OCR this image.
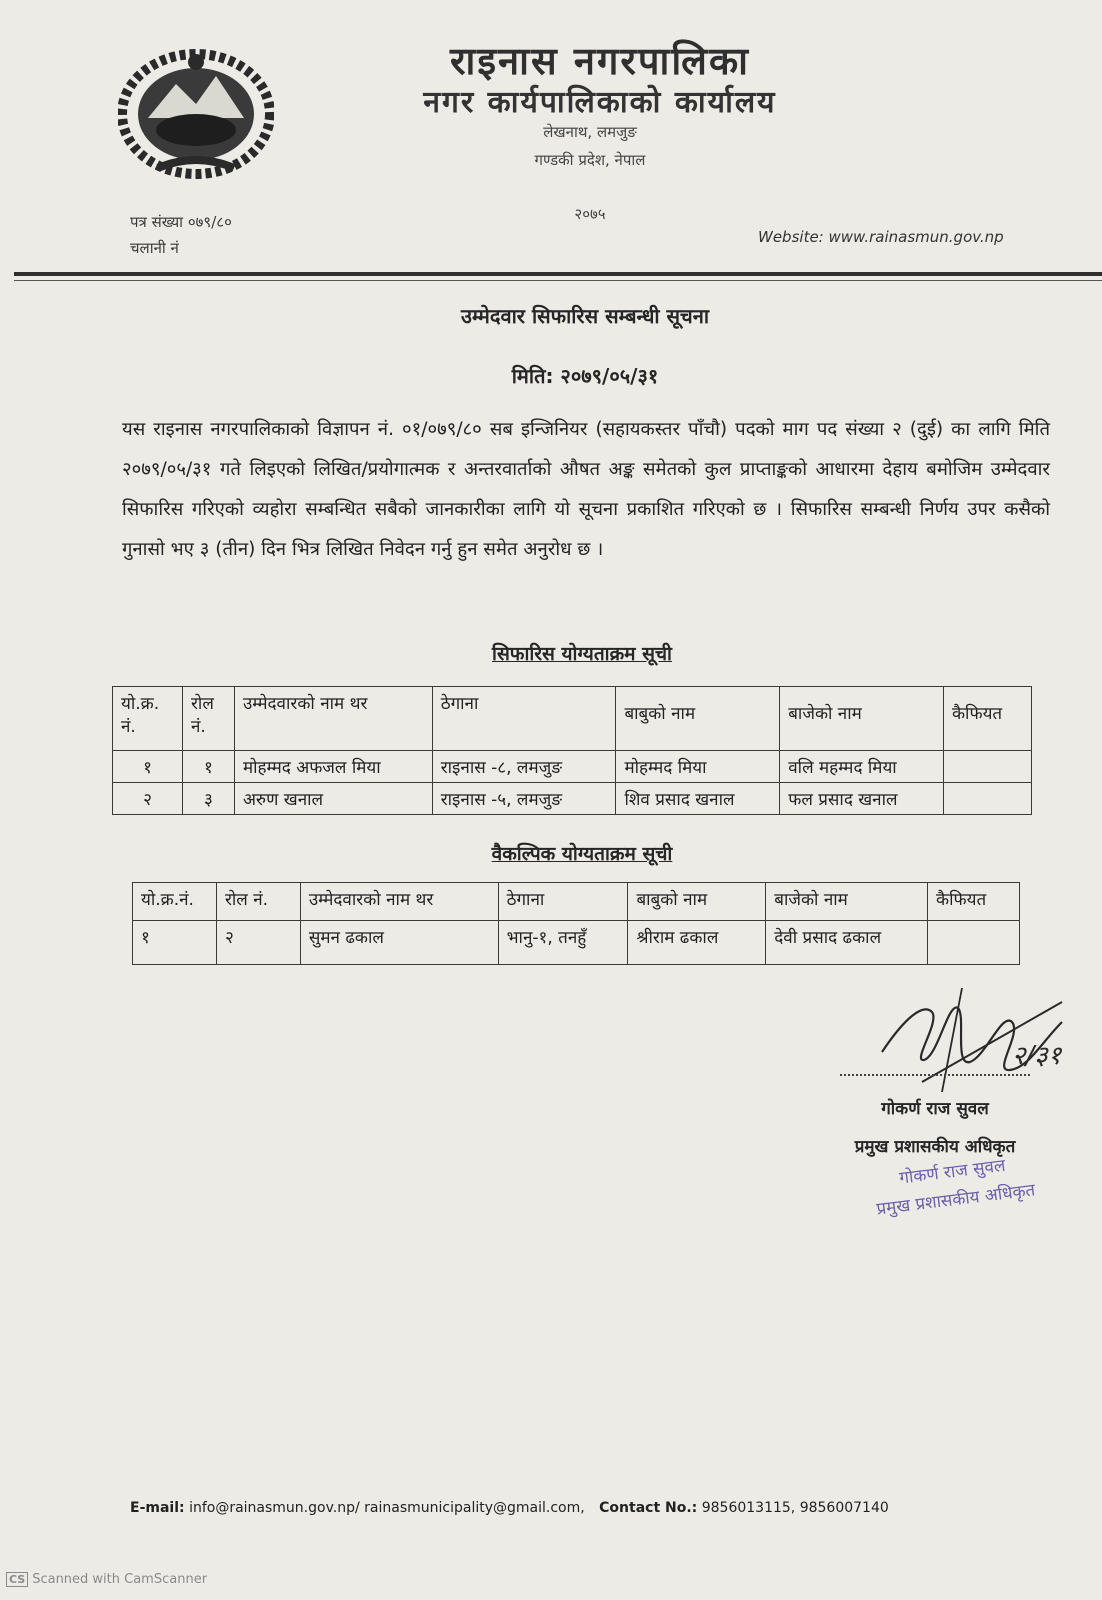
राइनास नगरपालिका
नगर कार्यपालिकाको कार्यालय
लेखनाथ, लमजुङ
गण्डकी प्रदेश, नेपाल
२०७५
पत्र संख्या ०७९/८०
चलानी नं
Website: www.rainasmun.gov.np
उम्मेदवार सिफारिस सम्बन्धी सूचना
मिति: २०७९/०५/३१
यस राइनास नगरपालिकाको विज्ञापन नं. ०१/०७९/८० सब इन्जिनियर (सहायकस्तर पाँचौ) पदको माग पद संख्या २ (दुई) का लागि मिति २०७९/०५/३१ गते लिइएको लिखित/प्रयोगात्मक र अन्तरवार्ताको औषत अङ्क समेतको कुल प्राप्ताङ्कको आधारमा देहाय बमोजिम उम्मेदवार सिफारिस गरिएको व्यहोरा सम्बन्धित सबैको जानकारीका लागि यो सूचना प्रकाशित गरिएको छ । सिफारिस सम्बन्धी निर्णय उपर कसैको गुनासो भए ३ (तीन) दिन भित्र लिखित निवेदन गर्नु हुन समेत अनुरोध छ ।
सिफारिस योग्यताक्रम सूची
यो.क्र. नं.	रोल नं.	उम्मेदवारको नाम थर	ठेगाना	बाबुको नाम	बाजेको नाम	कैफियत
१	१	मोहम्मद अफजल मिया	राइनास -८, लमजुङ	मोहम्मद मिया	वलि महम्मद मिया	
२	३	अरुण खनाल	राइनास -५, लमजुङ	शिव प्रसाद खनाल	फल प्रसाद खनाल	
वैकल्पिक योग्यताक्रम सूची
यो.क्र.नं.	रोल नं.	उम्मेदवारको नाम थर	ठेगाना	बाबुको नाम	बाजेको नाम	कैफियत
१	२	सुमन ढकाल	भानु-१, तनहुँ	श्रीराम ढकाल	देवी प्रसाद ढकाल	
२/३१
गोकर्ण राज सुवल
प्रमुख प्रशासकीय अधिकृत
गोकर्ण राज सुवल
प्रमुख प्रशासकीय अधिकृत
E-mail: info@rainasmun.gov.np/ rainasmunicipality@gmail.com, Contact No.: 9856013115, 9856007140
CS Scanned with CamScanner
